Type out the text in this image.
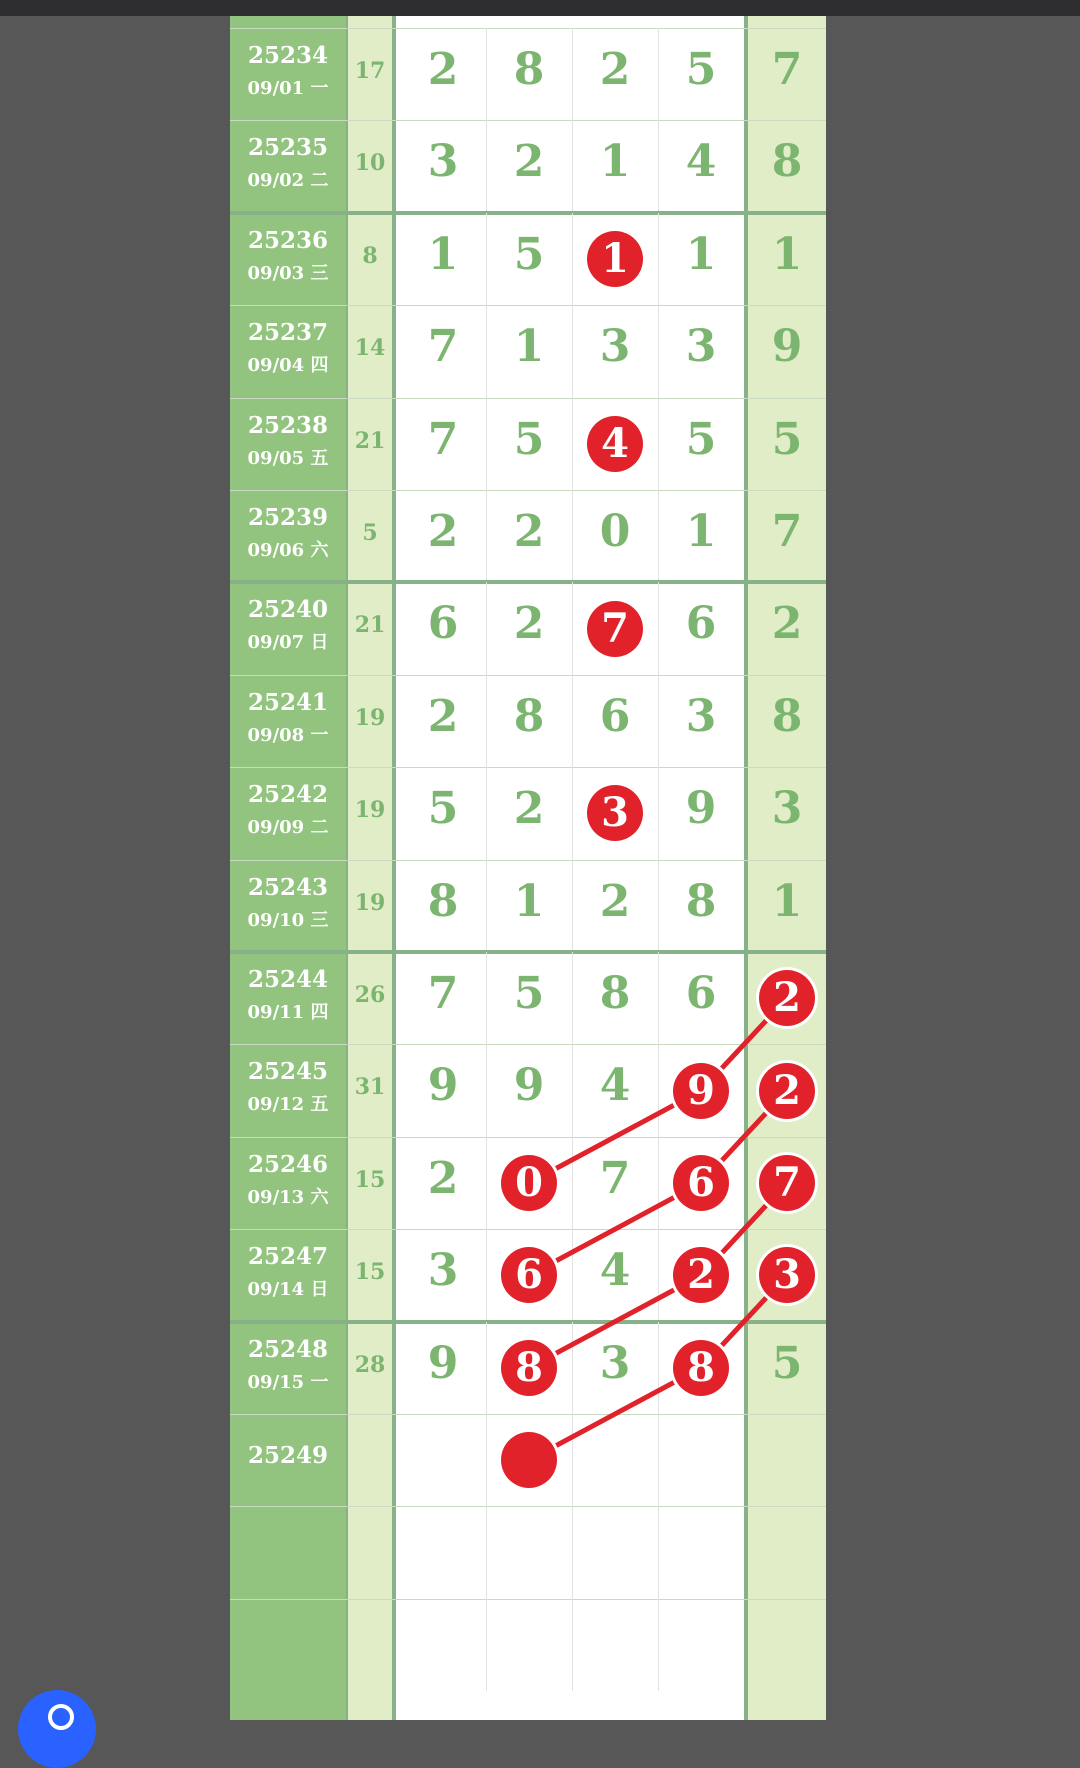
25234
09/01 一
17 2	8	2	5	7
25235
09/02 二
10 3	2	1	4	8
25236
09/03 三
8	1	5	1	1	1
25237
09/04 四
14 7	1	3	3	9
25238
09/05 五
21 7	5	4	5	5
25239
09/06 六
5	2	2	0	1	7
25240
09/07 日
21 6	2	7	6	2
25241
09/08 一
19 2	8	6	3	8
25242
09/09 二
19 5	2	3	9	3
25243
09/10 三
19 8	1	2	8	1
25244
09/11 四
26 7	5	8	6	2
25245
09/12 五
31 9	9	4	9	2
25246
09/13 六
15 2	0	7	6	7
25247
09/14 日
15 3	6	4	2	3
25248
09/15 一
28 9	8	3	8	5
25249
